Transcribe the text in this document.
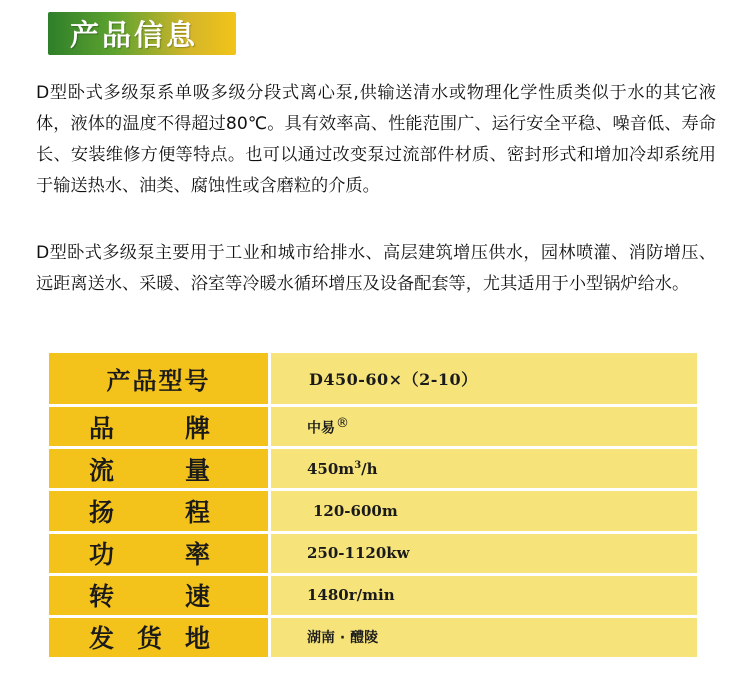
产品信息

D型卧式多级泵系单吸多级分段式离心泵,供输送清水或物理化学性质类似于水的其它液体，液体的温度不得超过80℃。具有效率高、性能范围广、运行安全平稳、噪音低、寿命长、安装维修方便等特点。也可以通过改变泵过流部件材质、密封形式和增加冷却系统用于输送热水、油类、腐蚀性或含磨粒的介质。

D型卧式多级泵主要用于工业和城市给排水、高层建筑增压供水，园林喷灌、消防增压、远距离送水、采暖、浴室等冷暖水循环增压及设备配套等，尤其适用于小型锅炉给水。

产品型号	D450-60×（2-10）

品 牌	中易®

流 量	$450m^3/h$

扬 程	120-600m

功 率	250-1120kw

转 速	1480r/min

发 货 地	湖南 · 醴陵
